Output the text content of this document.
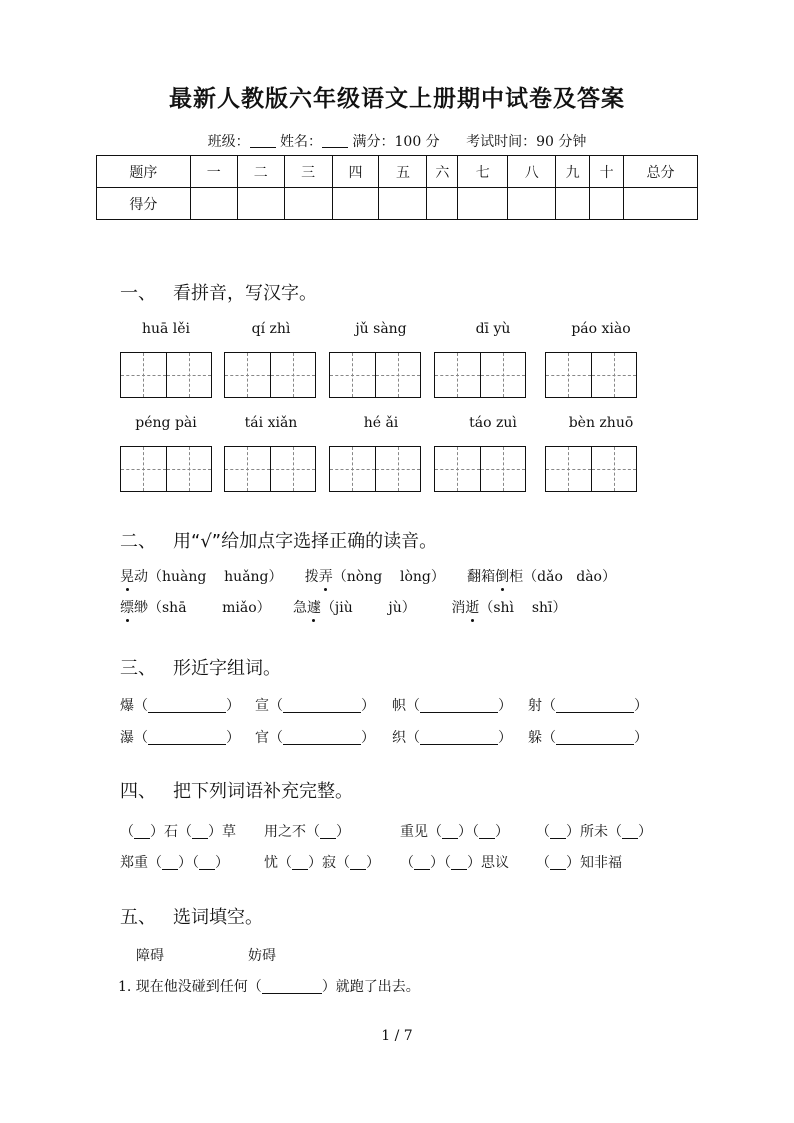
最新人教版六年级语文上册期中试卷及答案
班级： 姓名： 满分：100 分 考试时间：90 分钟
题序	一	二	三	四	五	六	七	八	九	十	总分
得分											
一、 看拼音，写汉字。
huā lěi	qí zhì	jǔ sàng	dī yù	páo xiào
péng pài	tái xiǎn	hé ǎi	táo zuì	bèn zhuō
二、 用“√”给加点字选择正确的读音。
晃动（huàng    huǎng）     拨弄（nòng    lòng）     翻箱倒柜（dǎo   dào）
缥缈（shā        miǎo）     急遽（jiù        jù）        消逝（shì    shī）
三、 形近字组词。
爆（	） 宣（	） 帜（	） 射（	）
瀑（	） 官（	） 织（	） 躲（	）
四、 把下列词语补充完整。
（ ）石（ ）草 用之不（ ）	重见（ ）（ ） （ ）所未（ ）
郑重（ ）（ ）	忧（ ）寂（ ） （ ）（ ）思议 （ ）知非福
五、 选词填空。
障碍	妨碍
1. 现在他没碰到任何（	）就跑了出去。
1 / 7
